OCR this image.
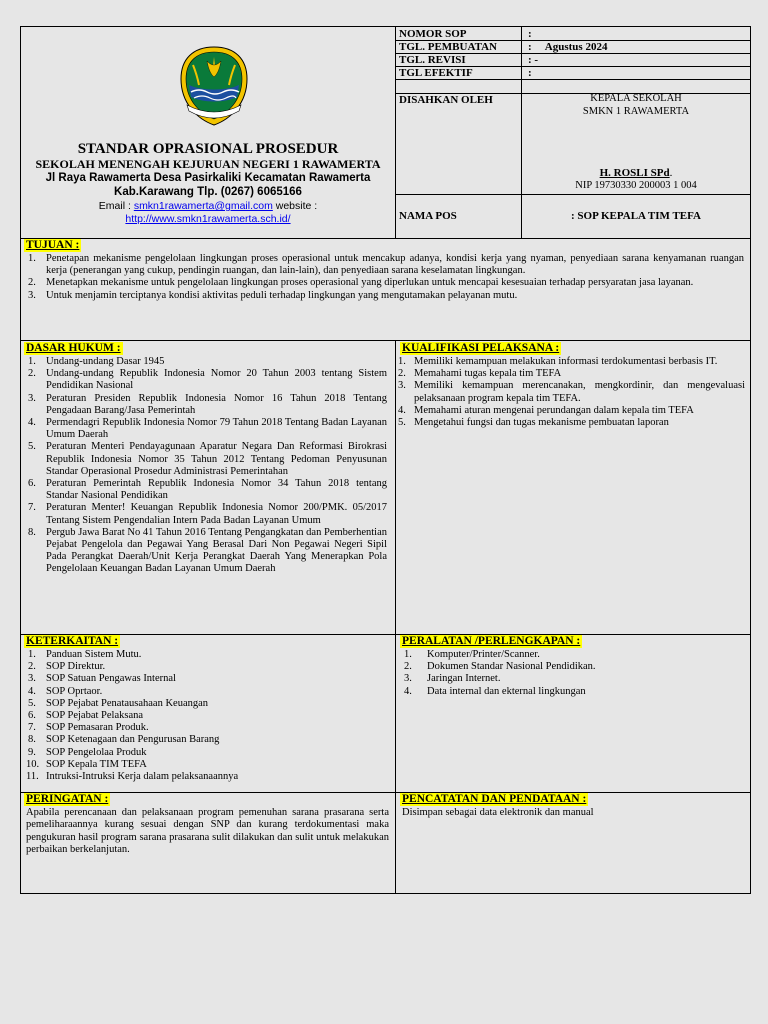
STANDAR OPRASIONAL PROSEDUR
SEKOLAH MENENGAH KEJURUAN NEGERI 1 RAWAMERTA
Jl Raya Rawamerta Desa Pasirkaliki Kecamatan Rawamerta
Kab.Karawang Tlp. (0267) 6065166
Email : smkn1rawamerta@gmail.com website :
http://www.smkn1rawamerta.sch.id/
NOMOR SOP	:
TGL. PEMBUATAN	:     Agustus 2024
TGL. REVISI	: -
TGL EFEKTIF	:
DISAHKAN OLEH	KEPALA SEKOLAH
SMKN 1 RAWAMERTA
H. ROSLI SPd.
NIP 19730330 200003 1 004
NAMA POS	: SOP KEPALA TIM TEFA
TUJUAN :
1. Penetapan mekanisme pengelolaan lingkungan proses operasional untuk mencakup adanya, kondisi kerja yang nyaman, penyediaan sarana kenyamanan ruangan kerja (penerangan yang cukup, pendingin ruangan, dan lain-lain), dan penyediaan sarana keselamatan lingkungan.
2. Menetapkan mekanisme untuk pengelolaan lingkungan proses operasional yang diperlukan untuk mencapai kesesuaian terhadap persyaratan jasa layanan.
3. Untuk menjamin terciptanya kondisi aktivitas peduli terhadap lingkungan yang mengutamakan pelayanan mutu.
DASAR HUKUM :
1. Undang-undang Dasar 1945
2. Undang-undang Republik Indonesia Nomor 20 Tahun 2003 tentang Sistem Pendidikan Nasional
3. Peraturan Presiden Republik Indonesia Nomor 16 Tahun 2018 Tentang Pengadaan Barang/Jasa Pemerintah
4. Permendagri Republik Indonesia Nomor 79 Tahun 2018 Tentang Badan Layanan Umum Daerah
5. Peraturan Menteri Pendayagunaan Aparatur Negara Dan Reformasi Birokrasi Republik Indonesia Nomor 35 Tahun 2012 Tentang Pedoman Penyusunan Standar Operasional Prosedur Administrasi Pemerintahan
6. Peraturan Pemerintah Republik Indonesia Nomor 34 Tahun 2018 tentang Standar Nasional Pendidikan
7. Peraturan Menter! Keuangan Republik Indonesia Nomor 200/PMK. 05/2017 Tentang Sistem Pengendalian Intern Pada Badan Layanan Umum
8. Pergub Jawa Barat No 41 Tahun 2016 Tentang Pengangkatan dan Pemberhentian Pejabat Pengelola dan Pegawai Yang Berasal Dari Non Pegawai Negeri Sipil Pada Perangkat Daerah/Unit Kerja Perangkat Daerah Yang Menerapkan Pola Pengelolaan Keuangan Badan Layanan Umum Daerah
KUALIFIKASI PELAKSANA :
1. Memiliki kemampuan melakukan informasi terdokumentasi berbasis IT.
2. Memahami tugas kepala tim TEFA
3. Memiliki kemampuan merencanakan, mengkordinir, dan mengevaluasi pelaksanaan program kepala tim TEFA.
4. Memahami aturan mengenai perundangan dalam kepala tim TEFA
5. Mengetahui fungsi dan tugas mekanisme pembuatan laporan
KETERKAITAN :
1. Panduan Sistem Mutu.
2. SOP Direktur.
3. SOP Satuan Pengawas Internal
4. SOP Oprtaor.
5. SOP Pejabat Penatausahaan Keuangan
6. SOP Pejabat Pelaksana
7. SOP Pemasaran Produk.
8. SOP Ketenagaan dan Pengurusan Barang
9. SOP Pengelolaa Produk
10. SOP Kepala TIM TEFA
11. Intruksi-Intruksi Kerja dalam pelaksanaannya
PERALATAN /PERLENGKAPAN :
1. Komputer/Printer/Scanner.
2. Dokumen Standar Nasional Pendidikan.
3. Jaringan Internet.
4. Data internal dan ekternal lingkungan
PERINGATAN :
Apabila perencanaan dan pelaksanaan program pemenuhan sarana prasarana serta pemeliharaannya kurang sesuai dengan SNP dan kurang terdokumentasi maka pengukuran hasil program sarana prasarana sulit dilakukan dan sulit untuk melakukan perbaikan berkelanjutan.
PENCATATAN DAN PENDATAAN :
Disimpan sebagai data elektronik dan manual
